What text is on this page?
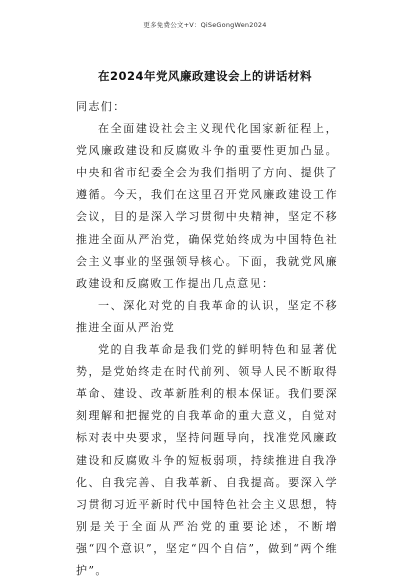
更多免费公文+V：QiSeGongWen2024
在2024年党风廉政建设会上的讲话材料

同志们：

在全面建设社会主义现代化国家新征程上，党风廉政建设和反腐败斗争的重要性更加凸显。中央和省市纪委全会为我们指明了方向、提供了遵循。今天，我们在这里召开党风廉政建设工作会议，目的是深入学习贯彻中央精神，坚定不移推进全面从严治党，确保党始终成为中国特色社会主义事业的坚强领导核心。下面，我就党风廉政建设和反腐败工作提出几点意见：

一、深化对党的自我革命的认识，坚定不移推进全面从严治党

党的自我革命是我们党的鲜明特色和显著优势，是党始终走在时代前列、领导人民不断取得革命、建设、改革新胜利的根本保证。我们要深刻理解和把握党的自我革命的重大意义，自觉对标对表中央要求，坚持问题导向，找准党风廉政建设和反腐败斗争的短板弱项，持续推进自我净化、自我完善、自我革新、自我提高。要深入学习贯彻习近平新时代中国特色社会主义思想，特别是关于全面从严治党的重要论述，不断增强“四个意识”，坚定“四个自信”，做到“两个维护”。
